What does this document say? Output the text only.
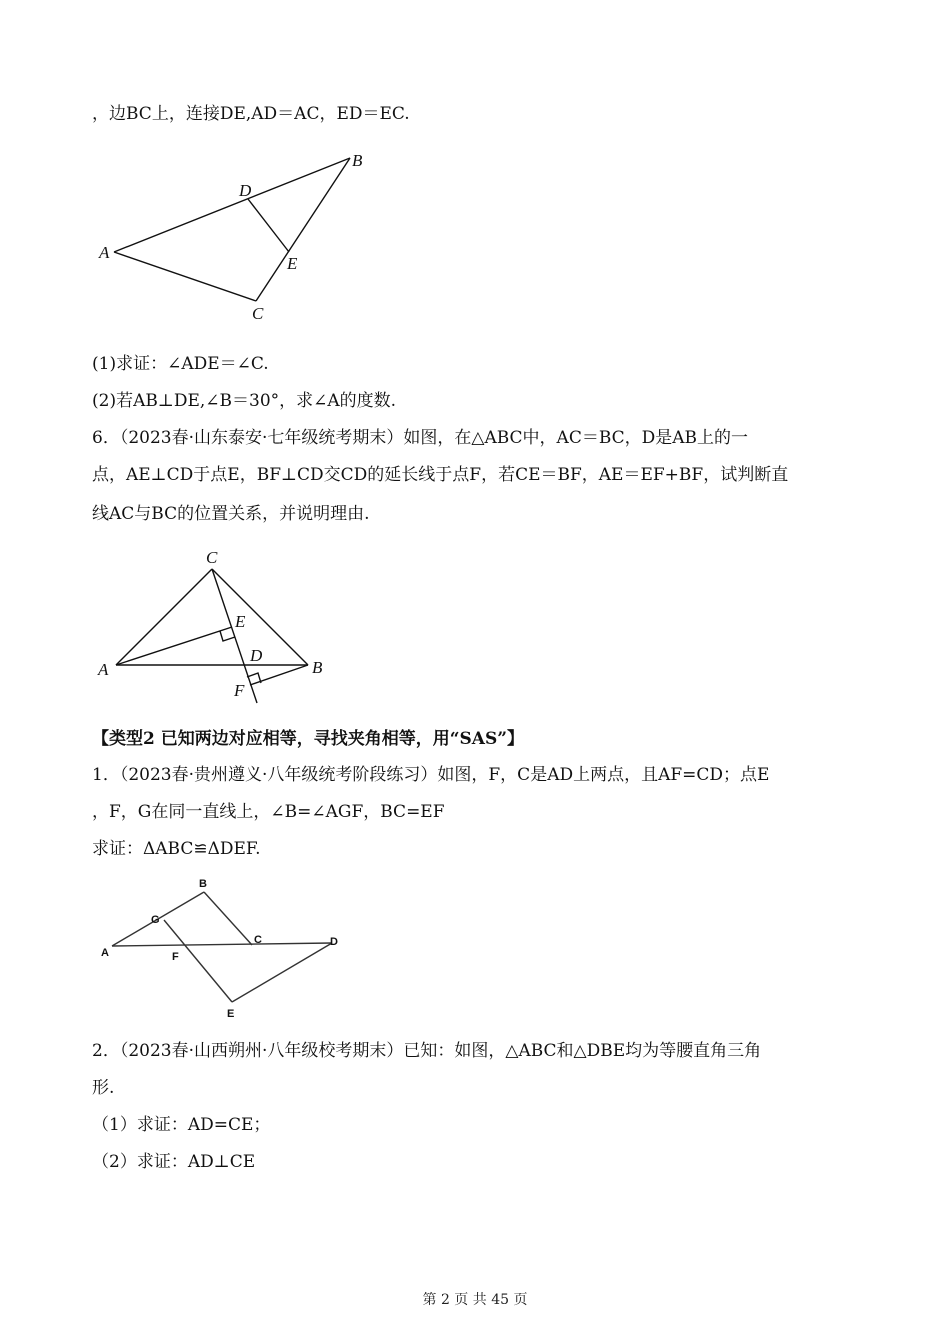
，边BC上，连接DE,AD＝AC，ED＝EC.
A
B
C
D
E
(1)求证：∠ADE＝∠C.
(2)若AB⊥DE,∠B＝30°，求∠A的度数.
6．（2023春·山东泰安·七年级统考期末）如图，在△ABC中，AC＝BC，D是AB上的一
点，AE⊥CD于点E，BF⊥CD交CD的延长线于点F，若CE＝BF，AE＝EF+BF，试判断直
线AC与BC的位置关系，并说明理由.
A	B
C
D
E
F
【类型2 已知两边对应相等，寻找夹角相等，用“SAS”】
1．（2023春·贵州遵义·八年级统考阶段练习）如图，F，C是AD上两点，且AF=CD；点E
，F，G在同一直线上，∠B=∠AGF，BC=EF
求证：ΔABC≌ΔDEF.
A
B
C	D
E
F
G
2．（2023春·山西朔州·八年级校考期末）已知：如图，△ABC和△DBE均为等腰直角三角
形.
（1）求证：AD=CE；
（2）求证：AD⊥CE
第 2 页 共 45 页
